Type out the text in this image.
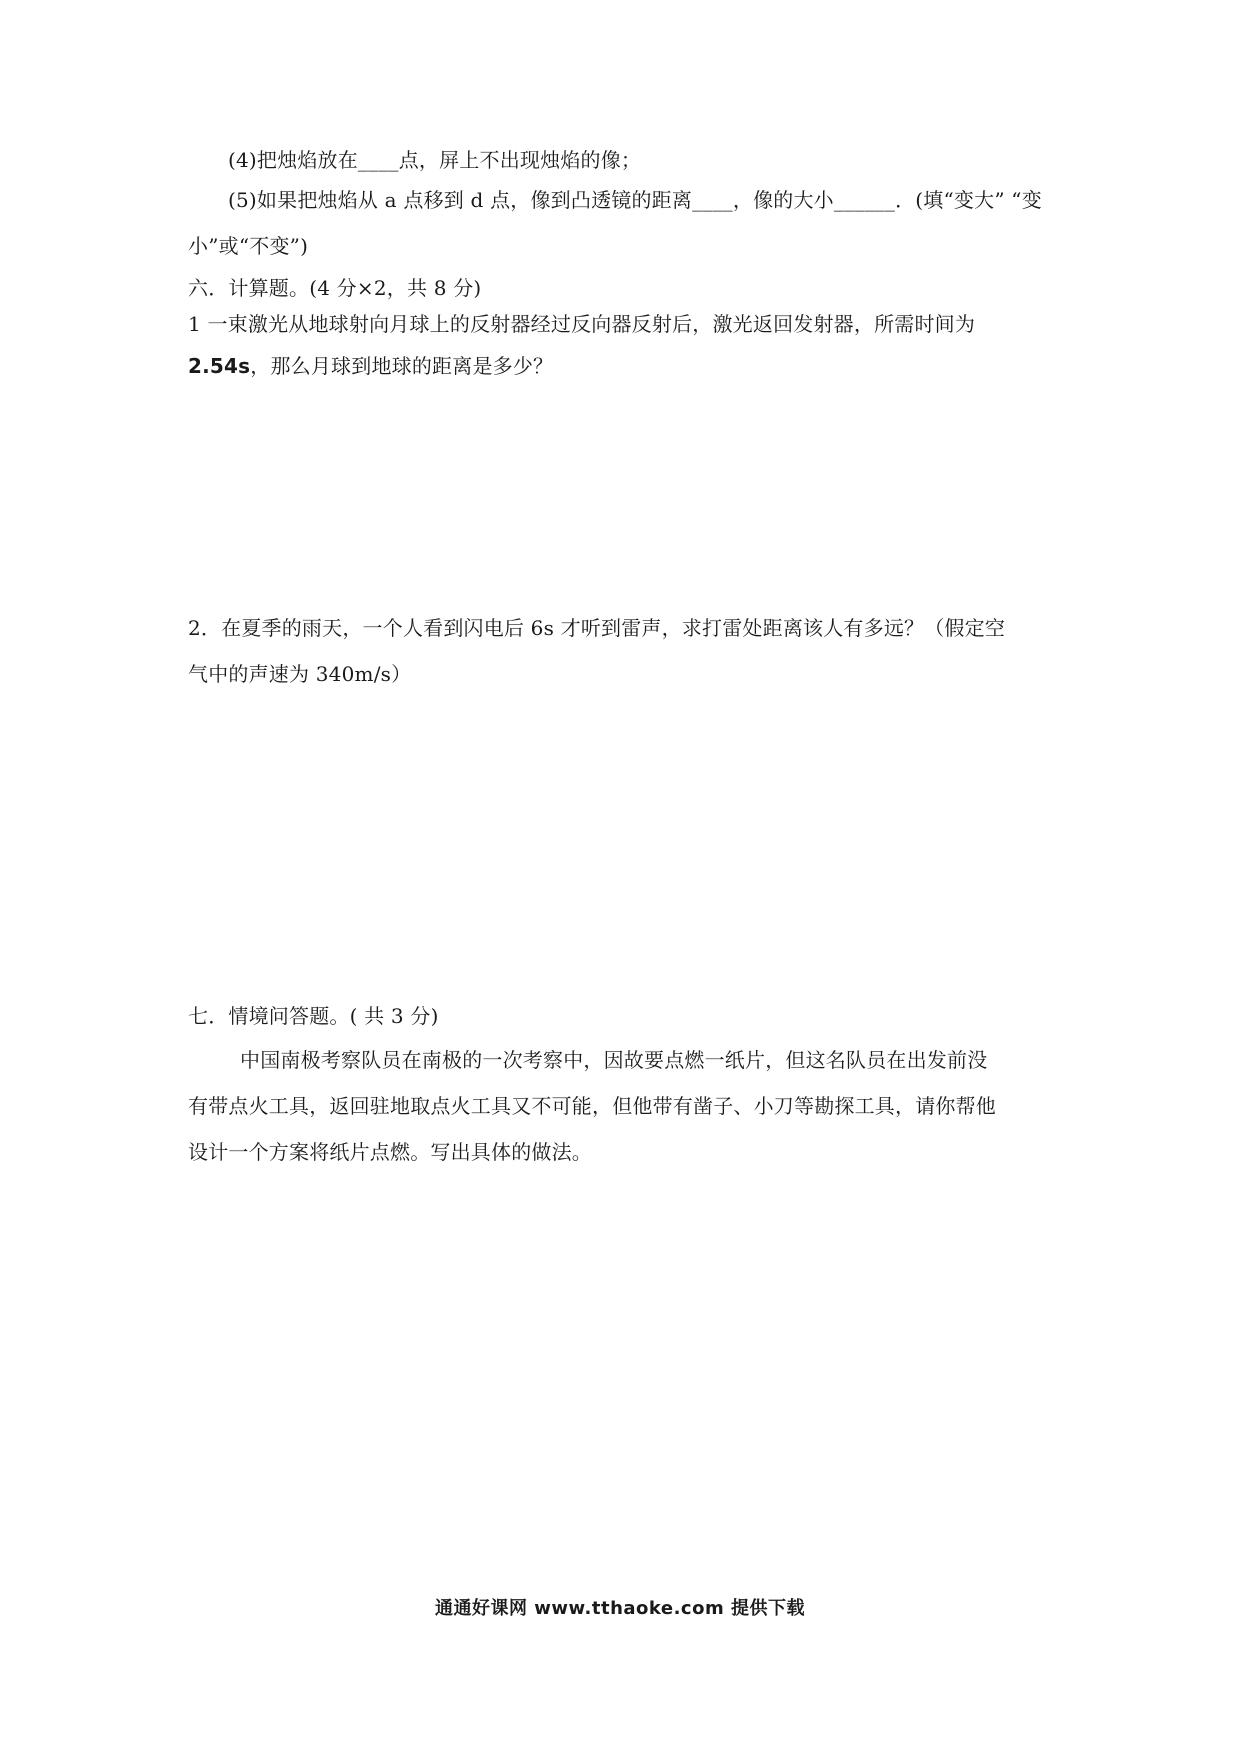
(4)把烛焰放在____点，屏上不出现烛焰的像；
(5)如果把烛焰从 a 点移到 d 点，像到凸透镜的距离____，像的大小______．(填“变大” “变
小”或“不变”)
六．计算题。(4 分×2，共 8 分)
1 一束激光从地球射向月球上的反射器经过反向器反射后，激光返回发射器，所需时间为
2.54s，那么月球到地球的距离是多少？
2．在夏季的雨天，一个人看到闪电后 6s 才听到雷声，求打雷处距离该人有多远？（假定空
气中的声速为 340m/s）
七．情境问答题。( 共 3 分)
中国南极考察队员在南极的一次考察中，因故要点燃一纸片，但这名队员在出发前没
有带点火工具，返回驻地取点火工具又不可能，但他带有凿子、小刀等勘探工具，请你帮他
设计一个方案将纸片点燃。写出具体的做法。
通通好课网 www.tthaoke.com 提供下载
